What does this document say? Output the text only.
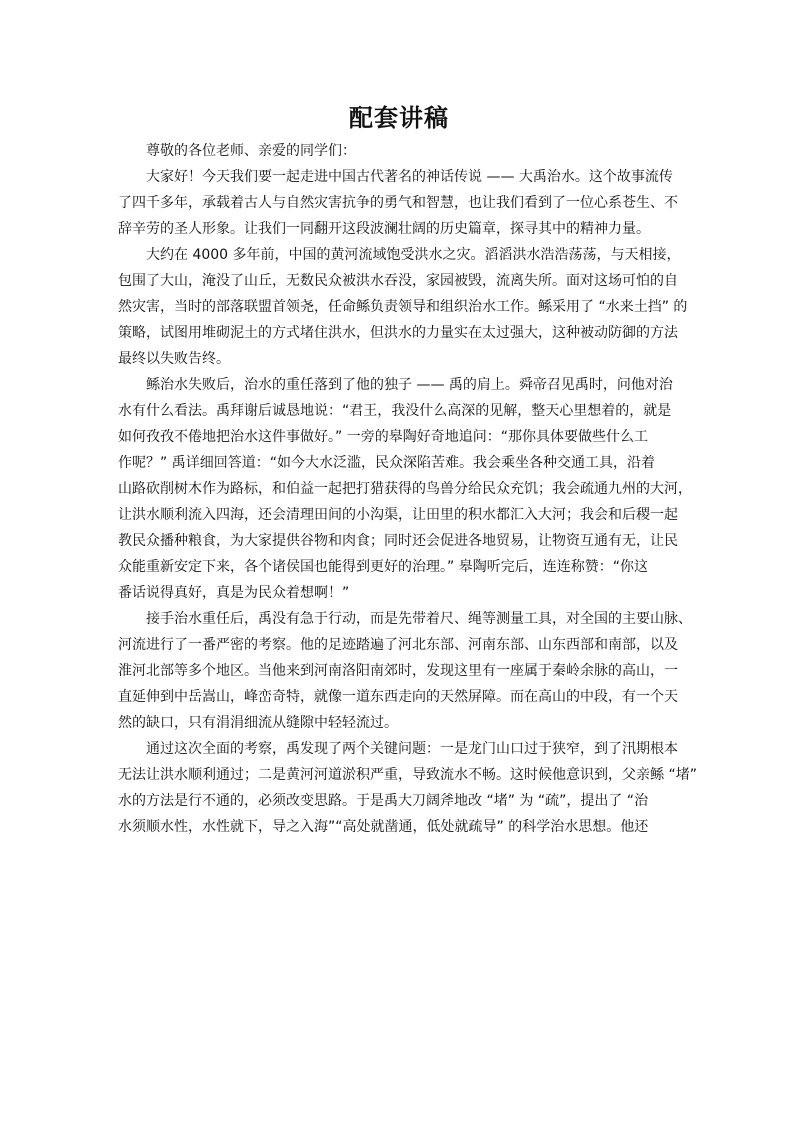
配套讲稿
尊敬的各位老师、亲爱的同学们：
大家好！今天我们要一起走进中国古代著名的神话传说 —— 大禹治水。这个故事流传
了四千多年，承载着古人与自然灾害抗争的勇气和智慧，也让我们看到了一位心系苍生、不
辞辛劳的圣人形象。让我们一同翻开这段波澜壮阔的历史篇章，探寻其中的精神力量。
大约在 4000 多年前，中国的黄河流域饱受洪水之灾。滔滔洪水浩浩荡荡，与天相接，
包围了大山，淹没了山丘，无数民众被洪水吞没，家园被毁，流离失所。面对这场可怕的自
然灾害，当时的部落联盟首领尧，任命鲧负责领导和组织治水工作。鲧采用了 “水来土挡” 的
策略，试图用堆砌泥土的方式堵住洪水，但洪水的力量实在太过强大，这种被动防御的方法
最终以失败告终。
鲧治水失败后，治水的重任落到了他的独子 —— 禹的肩上。舜帝召见禹时，问他对治
水有什么看法。禹拜谢后诚恳地说：“君王，我没什么高深的见解，整天心里想着的，就是
如何孜孜不倦地把治水这件事做好。” 一旁的皋陶好奇地追问：“那你具体要做些什么工
作呢？” 禹详细回答道：“如今大水泛滥，民众深陷苦难。我会乘坐各种交通工具，沿着
山路砍削树木作为路标，和伯益一起把打猎获得的鸟兽分给民众充饥；我会疏通九州的大河，
让洪水顺利流入四海，还会清理田间的小沟渠，让田里的积水都汇入大河；我会和后稷一起
教民众播种粮食，为大家提供谷物和肉食；同时还会促进各地贸易，让物资互通有无，让民
众能重新安定下来，各个诸侯国也能得到更好的治理。” 皋陶听完后，连连称赞：“你这
番话说得真好，真是为民众着想啊！”
接手治水重任后，禹没有急于行动，而是先带着尺、绳等测量工具，对全国的主要山脉、
河流进行了一番严密的考察。他的足迹踏遍了河北东部、河南东部、山东西部和南部，以及
淮河北部等多个地区。当他来到河南洛阳南郊时，发现这里有一座属于秦岭余脉的高山，一
直延伸到中岳嵩山，峰峦奇特，就像一道东西走向的天然屏障。而在高山的中段，有一个天
然的缺口，只有涓涓细流从缝隙中轻轻流过。
通过这次全面的考察，禹发现了两个关键问题：一是龙门山口过于狭窄，到了汛期根本
无法让洪水顺利通过；二是黄河河道淤积严重，导致流水不畅。这时候他意识到，父亲鲧 “堵”
水的方法是行不通的，必须改变思路。于是禹大刀阔斧地改 “堵” 为 “疏”，提出了 “治
水须顺水性，水性就下，导之入海”“高处就凿通，低处就疏导” 的科学治水思想。他还
